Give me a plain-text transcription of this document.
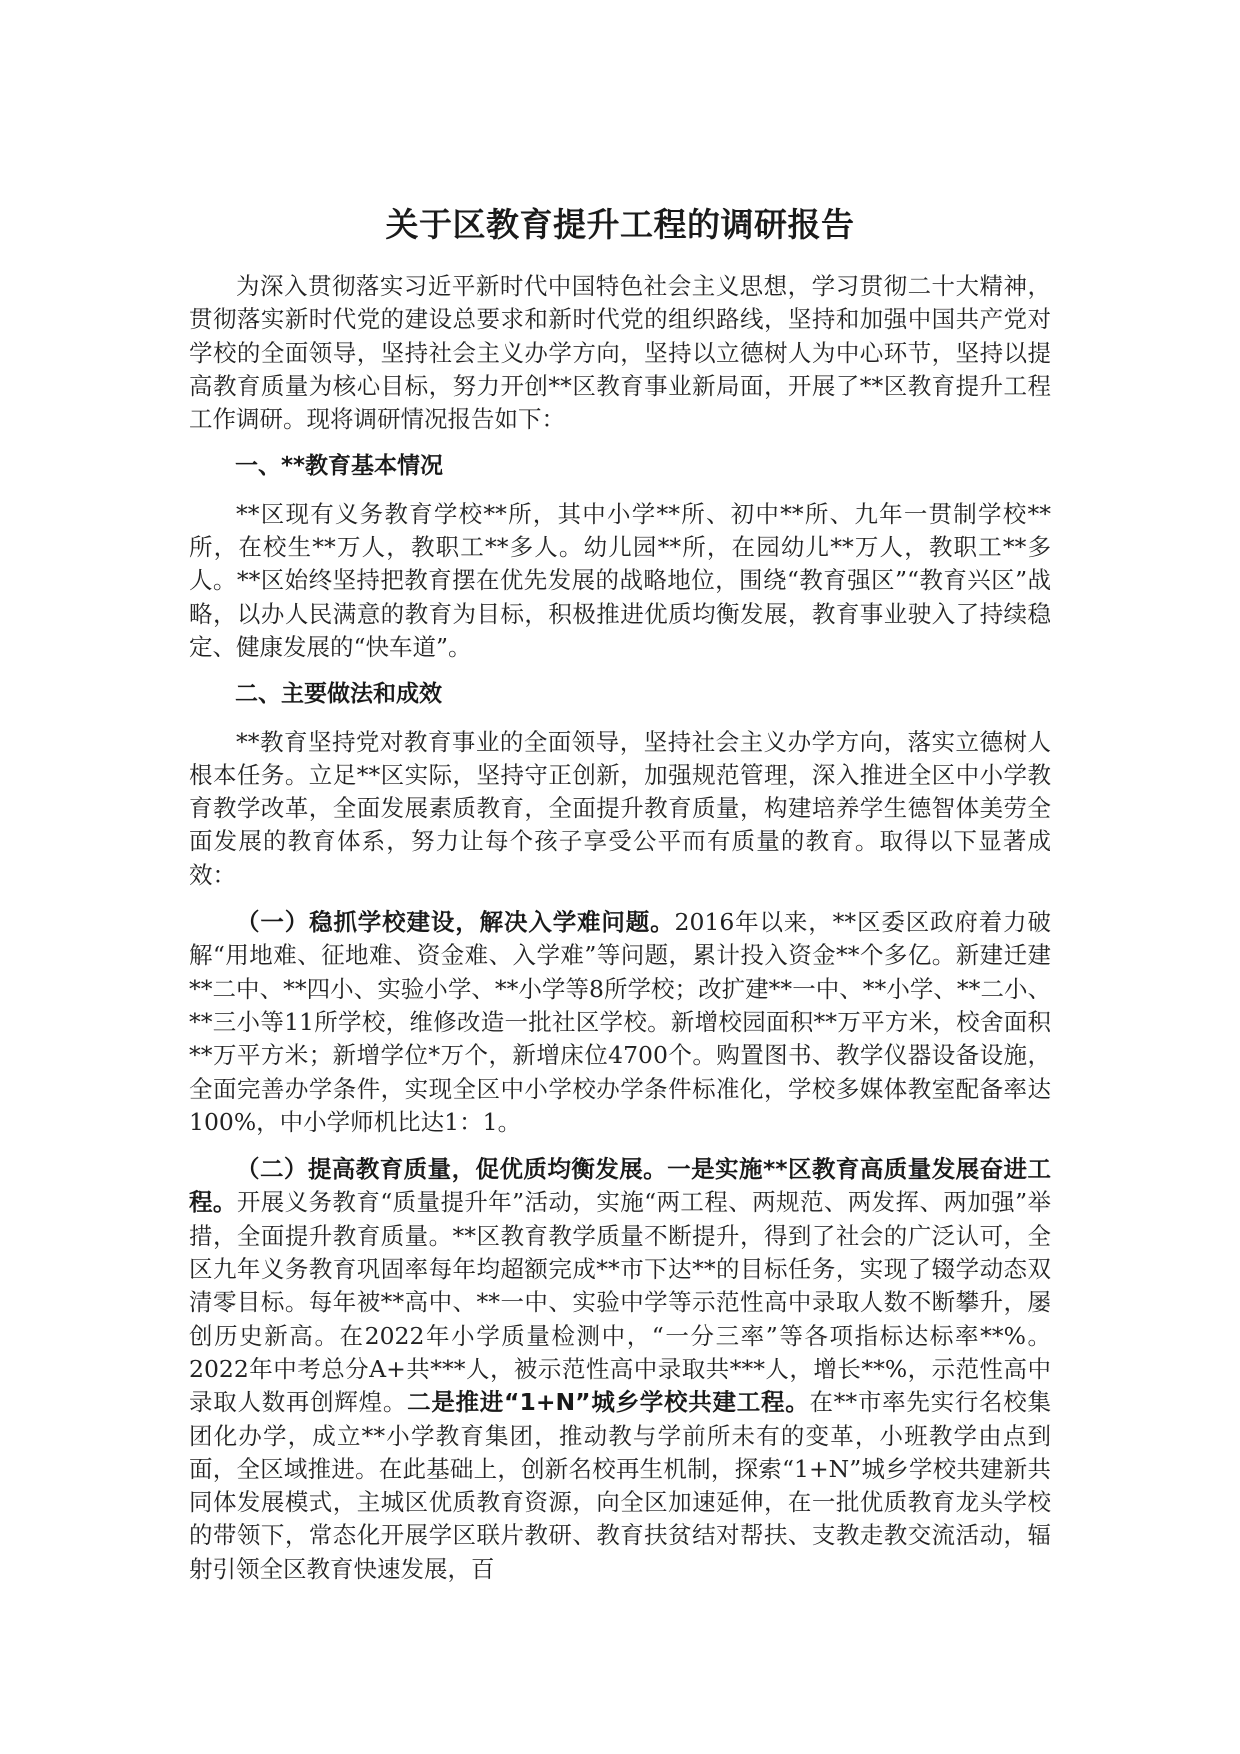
关于区教育提升工程的调研报告

为深入贯彻落实习近平新时代中国特色社会主义思想，学习贯彻二十大精神，贯彻落实新时代党的建设总要求和新时代党的组织路线，坚持和加强中国共产党对学校的全面领导，坚持社会主义办学方向，坚持以立德树人为中心环节，坚持以提高教育质量为核心目标，努力开创**区教育事业新局面，开展了**区教育提升工程工作调研。现将调研情况报告如下：

一、**教育基本情况

**区现有义务教育学校**所，其中小学**所、初中**所、九年一贯制学校**所，在校生**万人，教职工**多人。幼儿园**所，在园幼儿**万人，教职工**多人。**区始终坚持把教育摆在优先发展的战略地位，围绕“教育强区”“教育兴区”战略，以办人民满意的教育为目标，积极推进优质均衡发展，教育事业驶入了持续稳定、健康发展的“快车道”。

二、主要做法和成效

**教育坚持党对教育事业的全面领导，坚持社会主义办学方向，落实立德树人根本任务。立足**区实际，坚持守正创新，加强规范管理，深入推进全区中小学教育教学改革，全面发展素质教育，全面提升教育质量，构建培养学生德智体美劳全面发展的教育体系，努力让每个孩子享受公平而有质量的教育。取得以下显著成效：

（一）稳抓学校建设，解决入学难问题。2016年以来，**区委区政府着力破解“用地难、征地难、资金难、入学难”等问题，累计投入资金**个多亿。新建迁建**二中、**四小、实验小学、**小学等8所学校；改扩建**一中、**小学、**二小、**三小等11所学校，维修改造一批社区学校。新增校园面积**万平方米，校舍面积**万平方米；新增学位*万个，新增床位4700个。购置图书、教学仪器设备设施，全面完善办学条件，实现全区中小学校办学条件标准化，学校多媒体教室配备率达100%，中小学师机比达1：1。

（二）提高教育质量，促优质均衡发展。一是实施**区教育高质量发展奋进工程。开展义务教育“质量提升年”活动，实施“两工程、两规范、两发挥、两加强”举措，全面提升教育质量。**区教育教学质量不断提升，得到了社会的广泛认可，全区九年义务教育巩固率每年均超额完成**市下达**的目标任务，实现了辍学动态双清零目标。每年被**高中、**一中、实验中学等示范性高中录取人数不断攀升，屡创历史新高。在2022年小学质量检测中，“一分三率”等各项指标达标率**%。2022年中考总分A+共***人，被示范性高中录取共***人，增长**%，示范性高中录取人数再创辉煌。二是推进“1+N”城乡学校共建工程。在**市率先实行名校集团化办学，成立**小学教育集团，推动教与学前所未有的变革，小班教学由点到面，全区域推进。在此基础上，创新名校再生机制，探索“1+N”城乡学校共建新共同体发展模式，主城区优质教育资源，向全区加速延伸，在一批优质教育龙头学校的带领下，常态化开展学区联片教研、教育扶贫结对帮扶、支教走教交流活动，辐射引领全区教育快速发展，百
